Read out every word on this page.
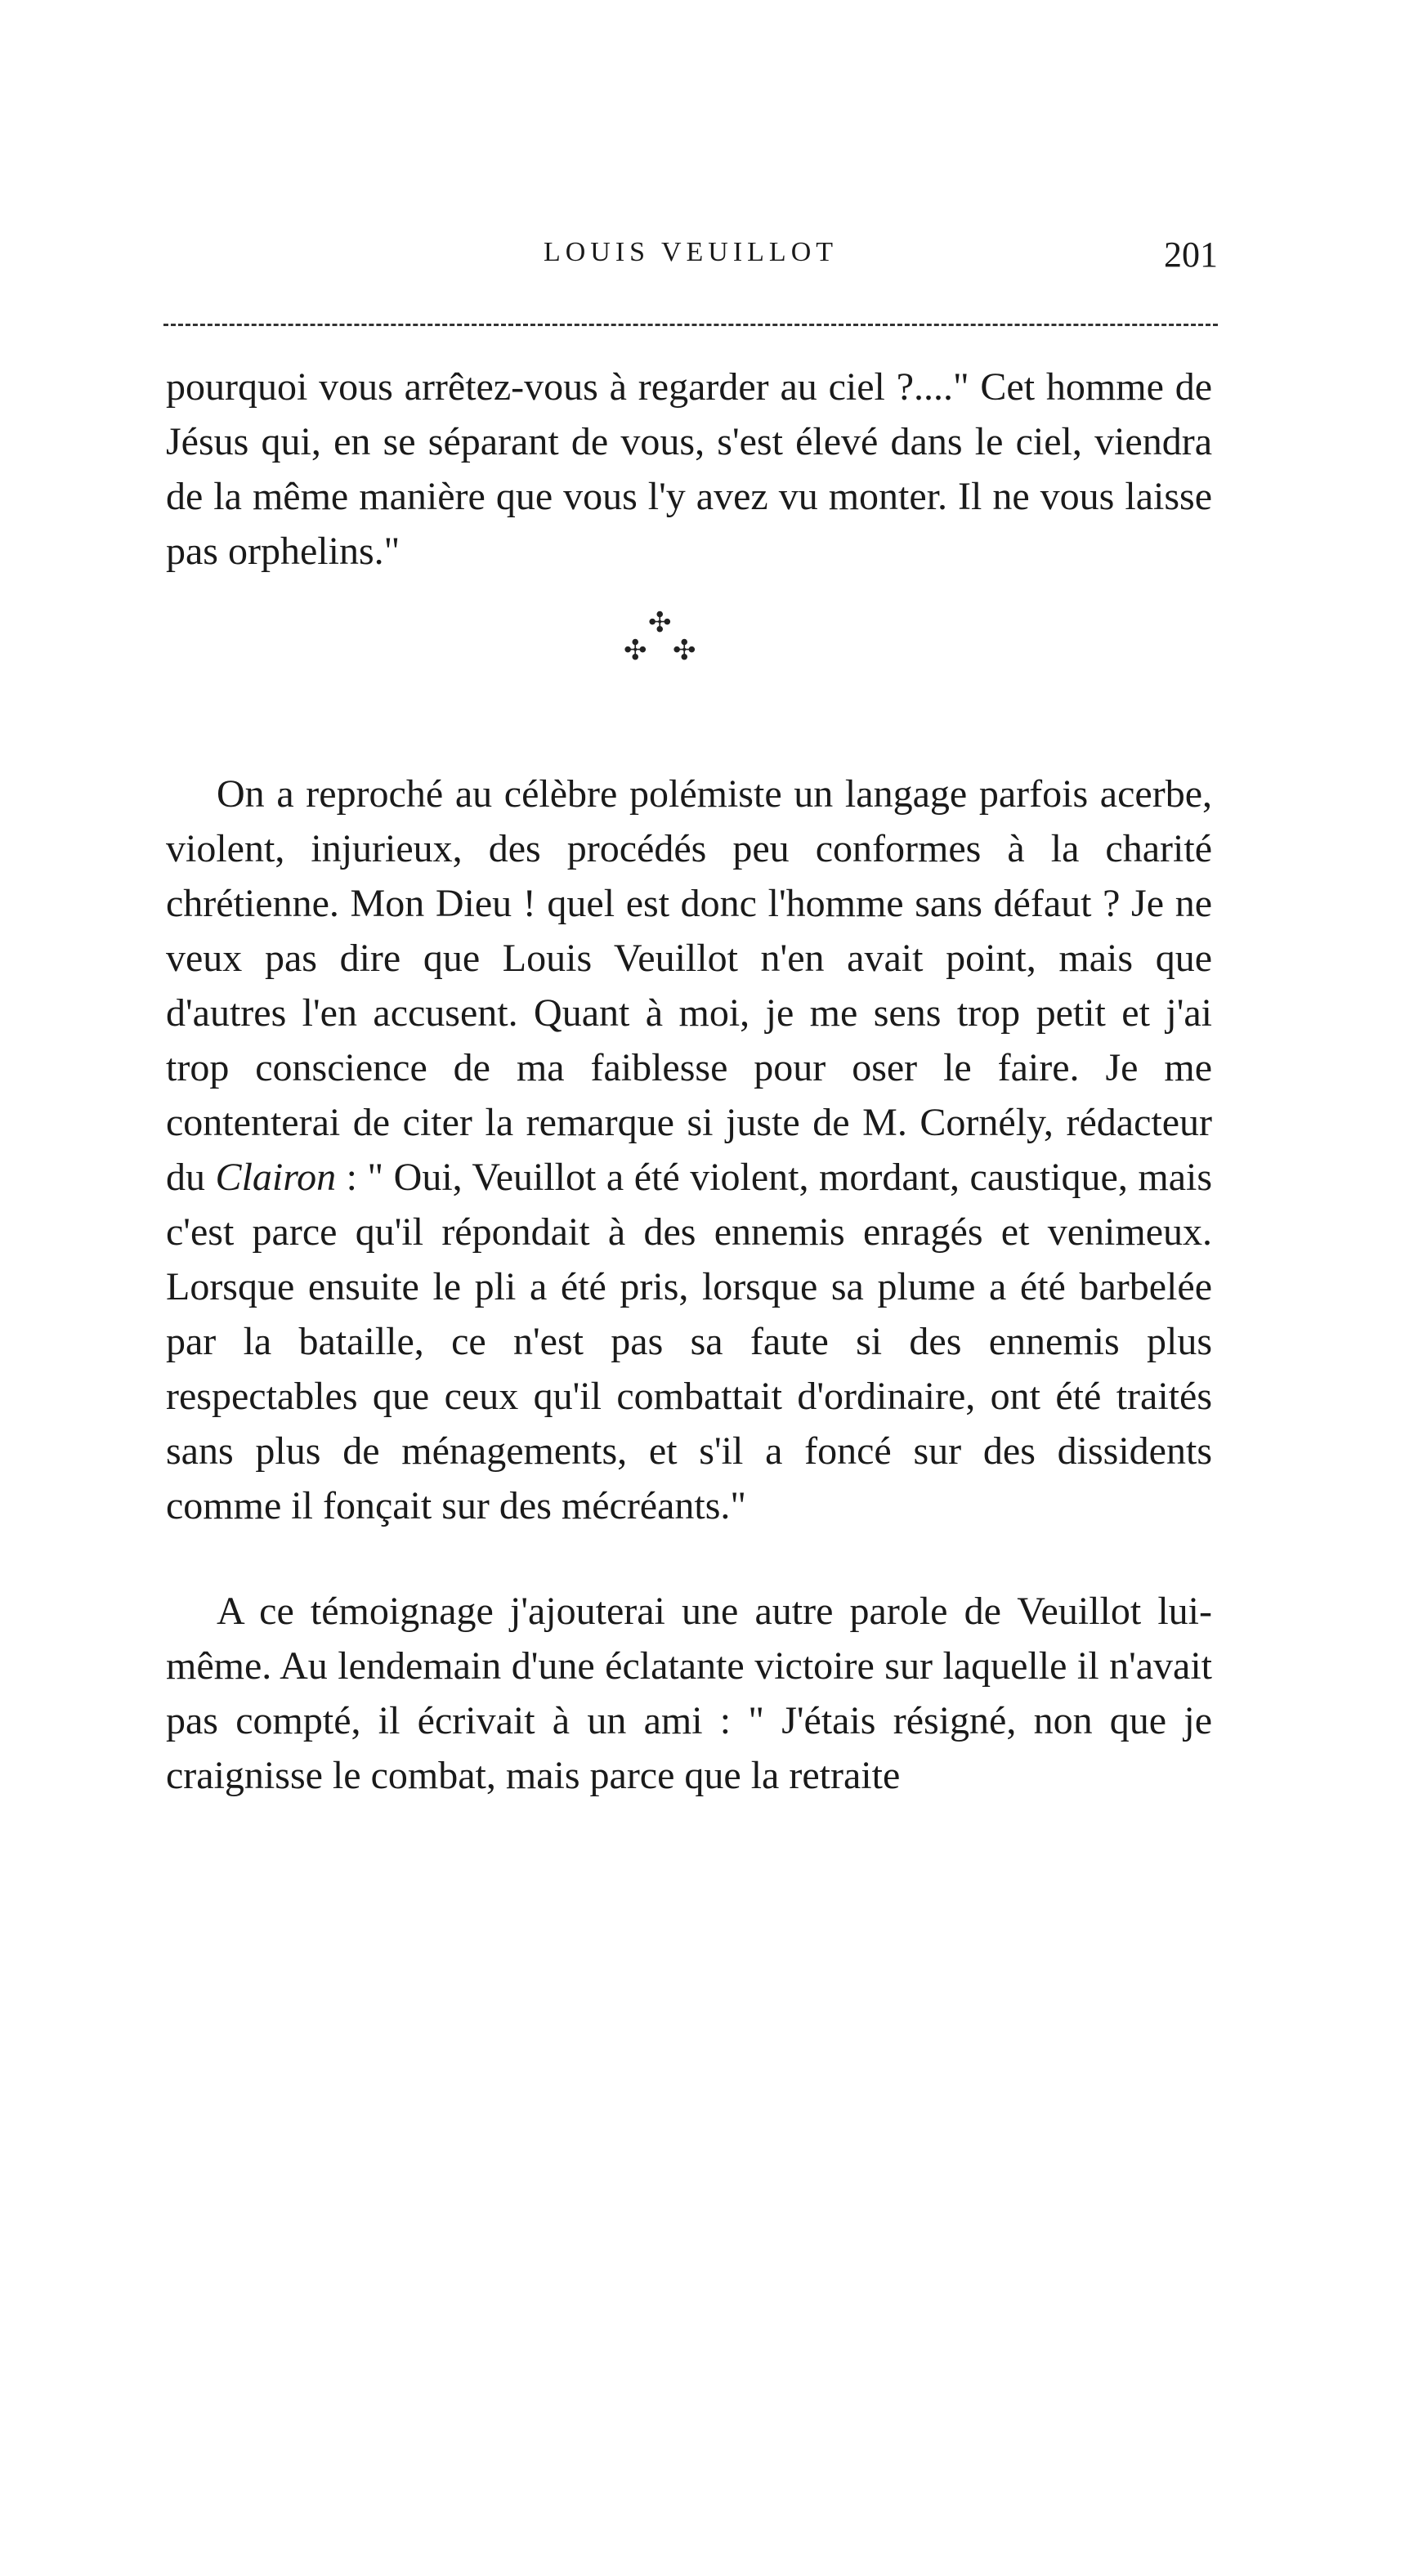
LOUIS VEUILLOT	201

pourquoi vous arrêtez-vous à regarder au ciel ?...." Cet homme de Jésus qui, en se séparant de vous, s'est élevé dans le ciel, viendra de la même manière que vous l'y avez vu monter. Il ne vous laisse pas orphelins."

✣
✣ ✣

On a reproché au célèbre polémiste un langage parfois acerbe, violent, injurieux, des procédés peu conformes à la charité chrétienne. Mon Dieu ! quel est donc l'homme sans défaut ? Je ne veux pas dire que Louis Veuillot n'en avait point, mais que d'autres l'en accusent. Quant à moi, je me sens trop petit et j'ai trop conscience de ma faiblesse pour oser le faire. Je me contenterai de citer la remarque si juste de M. Cornély, rédacteur du Clairon : " Oui, Veuillot a été violent, mordant, caustique, mais c'est parce qu'il répondait à des ennemis enragés et venimeux. Lorsque ensuite le pli a été pris, lorsque sa plume a été barbelée par la bataille, ce n'est pas sa faute si des ennemis plus respectables que ceux qu'il combattait d'ordinaire, ont été traités sans plus de ménagements, et s'il a foncé sur des dissidents comme il fonçait sur des mécréants."

A ce témoignage j'ajouterai une autre parole de Veuillot lui-même. Au lendemain d'une éclatante victoire sur laquelle il n'avait pas compté, il écrivait à un ami : " J'étais résigné, non que je craignisse le combat, mais parce que la retraite
